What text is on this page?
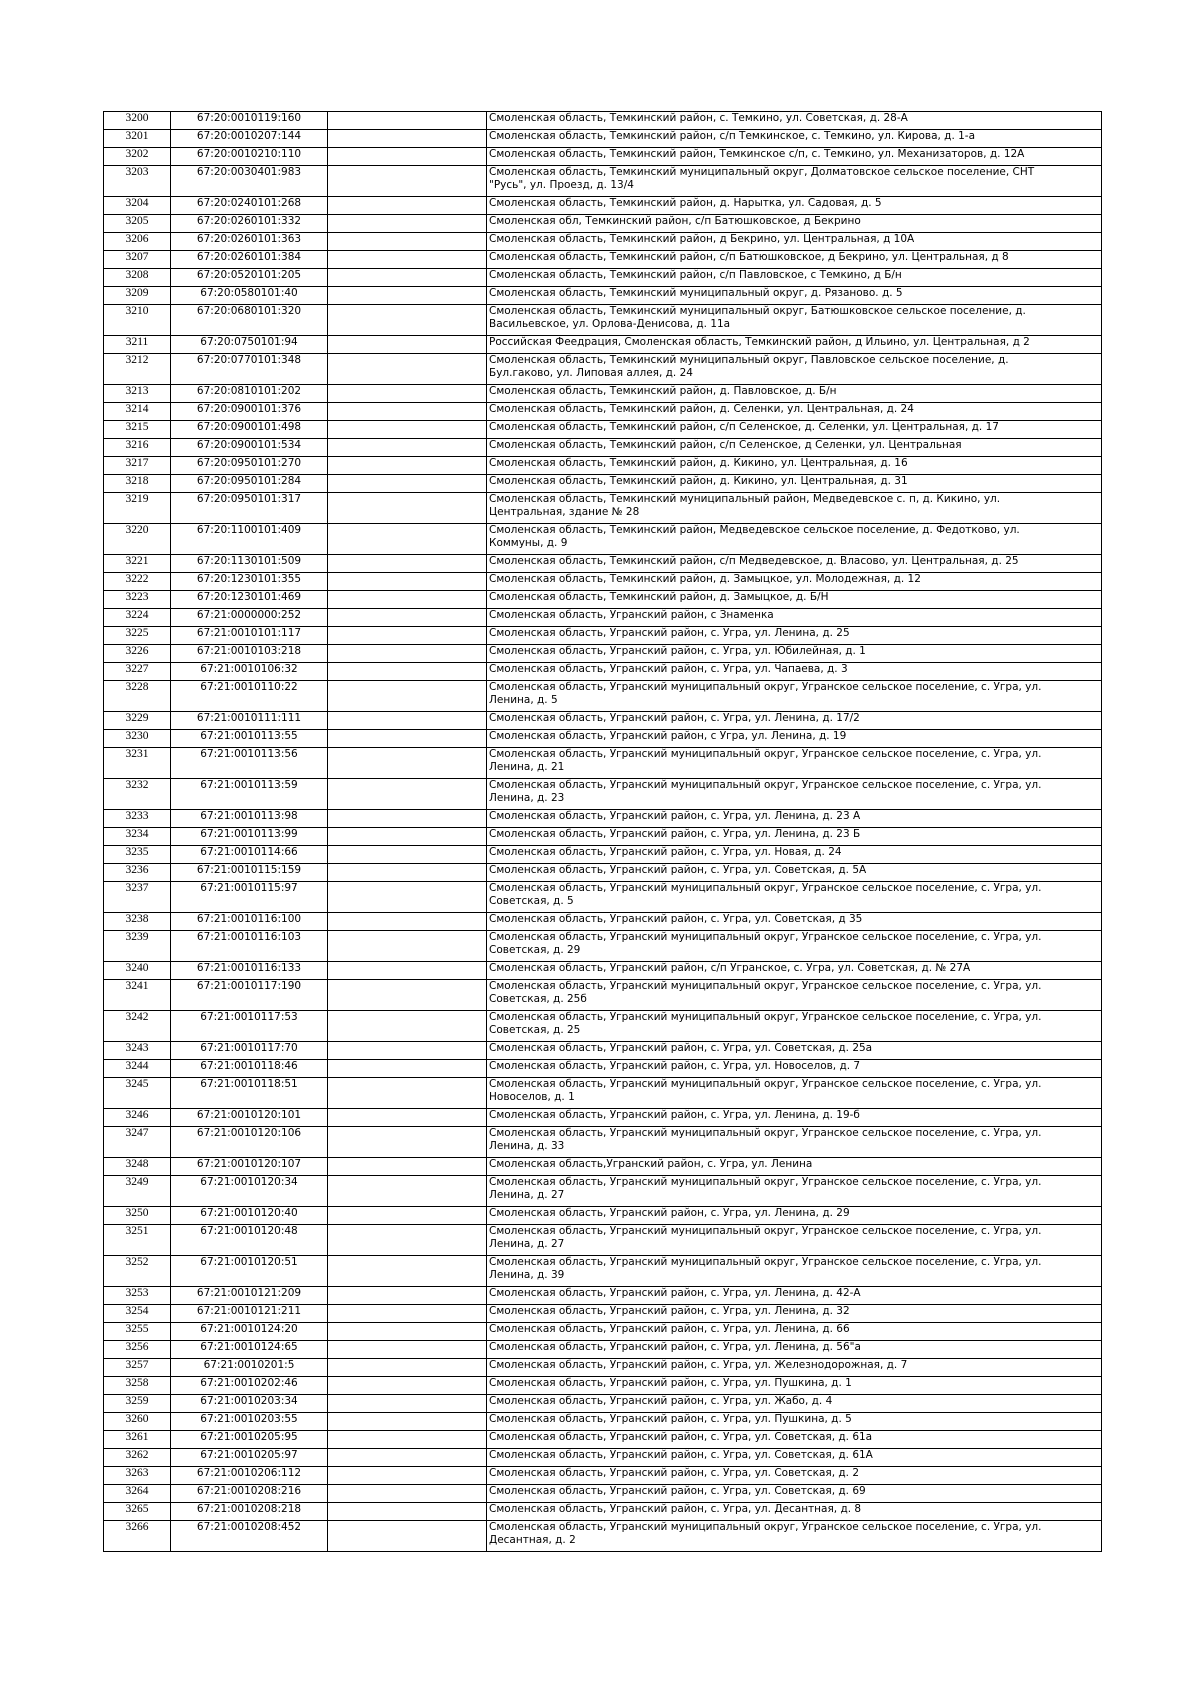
3200	67:20:0010119:160		Смоленская область, Темкинский район, с. Темкино, ул. Советская, д. 28-А

3201	67:20:0010207:144		Смоленская область, Темкинский район, с/п Темкинское, с. Темкино, ул. Кирова, д. 1-а

3202	67:20:0010210:110		Смоленская область, Темкинский район, Темкинское с/п, с. Темкино, ул. Механизаторов, д. 12А

3203	67:20:0030401:983		Смоленская область, Темкинский муниципальный округ, Долматовское сельское поселение, СНТ
"Русь", ул. Проезд, д. 13/4

3204	67:20:0240101:268		Смоленская область, Темкинский район, д. Нарытка, ул. Садовая, д. 5

3205	67:20:0260101:332		Смоленская обл, Темкинский район, с/п Батюшковское, д Бекрино

3206	67:20:0260101:363		Смоленская область, Темкинский район, д Бекрино, ул. Центральная, д 10А

3207	67:20:0260101:384		Смоленская область, Темкинский район, с/п Батюшковское, д Бекрино, ул. Центральная, д 8

3208	67:20:0520101:205		Смоленская область, Темкинский район, с/п Павловское, с Темкино, д Б/н

3209	67:20:0580101:40		Смоленская область, Темкинский муниципальный округ, д. Рязаново. д. 5

3210	67:20:0680101:320		Смоленская область, Темкинский муниципальный округ, Батюшковское сельское поселение, д.
Васильевское, ул. Орлова-Денисова, д. 11а

3211	67:20:0750101:94		Российская Феедрация, Смоленская область, Темкинский район, д Ильино, ул. Центральная, д 2

3212	67:20:0770101:348		Смоленская область, Темкинский муниципальный округ, Павловское сельское поселение, д.
Бул.гаково, ул. Липовая аллея, д. 24

3213	67:20:0810101:202		Смоленская область, Темкинский район, д. Павловское, д. Б/н

3214	67:20:0900101:376		Смоленская область, Темкинский район, д. Селенки, ул. Центральная, д. 24

3215	67:20:0900101:498		Смоленская область, Темкинский район, с/п Селенское, д. Селенки, ул. Центральная, д. 17

3216	67:20:0900101:534		Смоленская область, Темкинский район, с/п Селенское, д Селенки, ул. Центральная

3217	67:20:0950101:270		Смоленская область, Темкинский район, д. Кикино, ул. Центральная, д. 16

3218	67:20:0950101:284		Смоленская область, Темкинский район, д. Кикино, ул. Центральная, д. 31

3219	67:20:0950101:317		Смоленская область, Темкинский муниципальный район, Медведевское с. п, д. Кикино, ул.
Центральная, здание № 28

3220	67:20:1100101:409		Смоленская область, Темкинский район, Медведевское сельское поселение, д. Федотково, ул.
Коммуны, д. 9

3221	67:20:1130101:509		Смоленская область, Темкинский район, с/п Медведевское, д. Власово, ул. Центральная, д. 25

3222	67:20:1230101:355		Смоленская область, Темкинский район, д. Замыцкое, ул. Молодежная, д. 12

3223	67:20:1230101:469		Смоленская область, Темкинский район, д. Замыцкое, д. Б/Н

3224	67:21:0000000:252		Смоленская область, Угранский район, с Знаменка

3225	67:21:0010101:117		Смоленская область, Угранский район, с. Угра, ул. Ленина, д. 25

3226	67:21:0010103:218		Смоленская область, Угранский район, с. Угра, ул. Юбилейная, д. 1

3227	67:21:0010106:32		Смоленская область, Угранский район, с. Угра, ул. Чапаева, д. 3

3228	67:21:0010110:22		Смоленская область, Угранский муниципальный округ, Угранское сельское поселение, с. Угра, ул.
Ленина, д. 5

3229	67:21:0010111:111		Смоленская область, Угранский район, с. Угра, ул. Ленина, д. 17/2

3230	67:21:0010113:55		Смоленская область, Угранский район, с Угра, ул. Ленина, д. 19

3231	67:21:0010113:56		Смоленская область, Угранский муниципальный округ, Угранское сельское поселение, с. Угра, ул.
Ленина, д. 21

3232	67:21:0010113:59		Смоленская область, Угранский муниципальный округ, Угранское сельское поселение, с. Угра, ул.
Ленина, д. 23

3233	67:21:0010113:98		Смоленская область, Угранский район, с. Угра, ул. Ленина, д. 23 А

3234	67:21:0010113:99		Смоленская область, Угранский район, с. Угра, ул. Ленина, д. 23 Б

3235	67:21:0010114:66		Смоленская область, Угранский район, с. Угра, ул. Новая, д. 24

3236	67:21:0010115:159		Смоленская область, Угранский район, с. Угра, ул. Советская, д. 5А

3237	67:21:0010115:97		Смоленская область, Угранский муниципальный округ, Угранское сельское поселение, с. Угра, ул.
Советская, д. 5

3238	67:21:0010116:100		Смоленская область, Угранский район, с. Угра, ул. Советская, д 35

3239	67:21:0010116:103		Смоленская область, Угранский муниципальный округ, Угранское сельское поселение, с. Угра, ул.
Советская, д. 29

3240	67:21:0010116:133		Смоленская область, Угранский район, с/п Угранское, с. Угра, ул. Советская, д. № 27А

3241	67:21:0010117:190		Смоленская область, Угранский муниципальный округ, Угранское сельское поселение, с. Угра, ул.
Советская, д. 25б

3242	67:21:0010117:53		Смоленская область, Угранский муниципальный округ, Угранское сельское поселение, с. Угра, ул.
Советская, д. 25

3243	67:21:0010117:70		Смоленская область, Угранский район, с. Угра, ул. Советская, д. 25а

3244	67:21:0010118:46		Смоленская область, Угранский район, с. Угра, ул. Новоселов, д. 7

3245	67:21:0010118:51		Смоленская область, Угранский муниципальный округ, Угранское сельское поселение, с. Угра, ул.
Новоселов, д. 1

3246	67:21:0010120:101		Смоленская область, Угранский район, с. Угра, ул. Ленина, д. 19-б

3247	67:21:0010120:106		Смоленская область, Угранский муниципальный округ, Угранское сельское поселение, с. Угра, ул.
Ленина, д. 33

3248	67:21:0010120:107		Смоленская область,Угранский район, с. Угра, ул. Ленина

3249	67:21:0010120:34		Смоленская область, Угранский муниципальный округ, Угранское сельское поселение, с. Угра, ул.
Ленина, д. 27

3250	67:21:0010120:40		Смоленская область, Угранский район, с. Угра, ул. Ленина, д. 29

3251	67:21:0010120:48		Смоленская область, Угранский муниципальный округ, Угранское сельское поселение, с. Угра, ул.
Ленина, д. 27

3252	67:21:0010120:51		Смоленская область, Угранский муниципальный округ, Угранское сельское поселение, с. Угра, ул.
Ленина, д. 39

3253	67:21:0010121:209		Смоленская область, Угранский район, с. Угра, ул. Ленина, д. 42-А

3254	67:21:0010121:211		Смоленская область, Угранский район, с. Угра, ул. Ленина, д. 32

3255	67:21:0010124:20		Смоленская область, Угранский район, с. Угра, ул. Ленина, д. 66

3256	67:21:0010124:65		Смоленская область, Угранский район, с. Угра, ул. Ленина, д. 56"а

3257	67:21:0010201:5		Смоленская область, Угранский район, с. Угра, ул. Железнодорожная, д. 7

3258	67:21:0010202:46		Смоленская область, Угранский район, с. Угра, ул. Пушкина, д. 1

3259	67:21:0010203:34		Смоленская область, Угранский район, с. Угра, ул. Жабо, д. 4

3260	67:21:0010203:55		Смоленская область, Угранский район, с. Угра, ул. Пушкина, д. 5

3261	67:21:0010205:95		Смоленская область, Угранский район, с. Угра, ул. Советская, д. 61а

3262	67:21:0010205:97		Смоленская область, Угранский район, с. Угра, ул. Советская, д. 61А

3263	67:21:0010206:112		Смоленская область, Угранский район, с. Угра, ул. Советская, д. 2

3264	67:21:0010208:216		Смоленская область, Угранский район, с. Угра, ул. Советская, д. 69

3265	67:21:0010208:218		Смоленская область, Угранский район, с. Угра, ул. Десантная, д. 8

3266	67:21:0010208:452		Смоленская область, Угранский муниципальный округ, Угранское сельское поселение, с. Угра, ул.
Десантная, д. 2
